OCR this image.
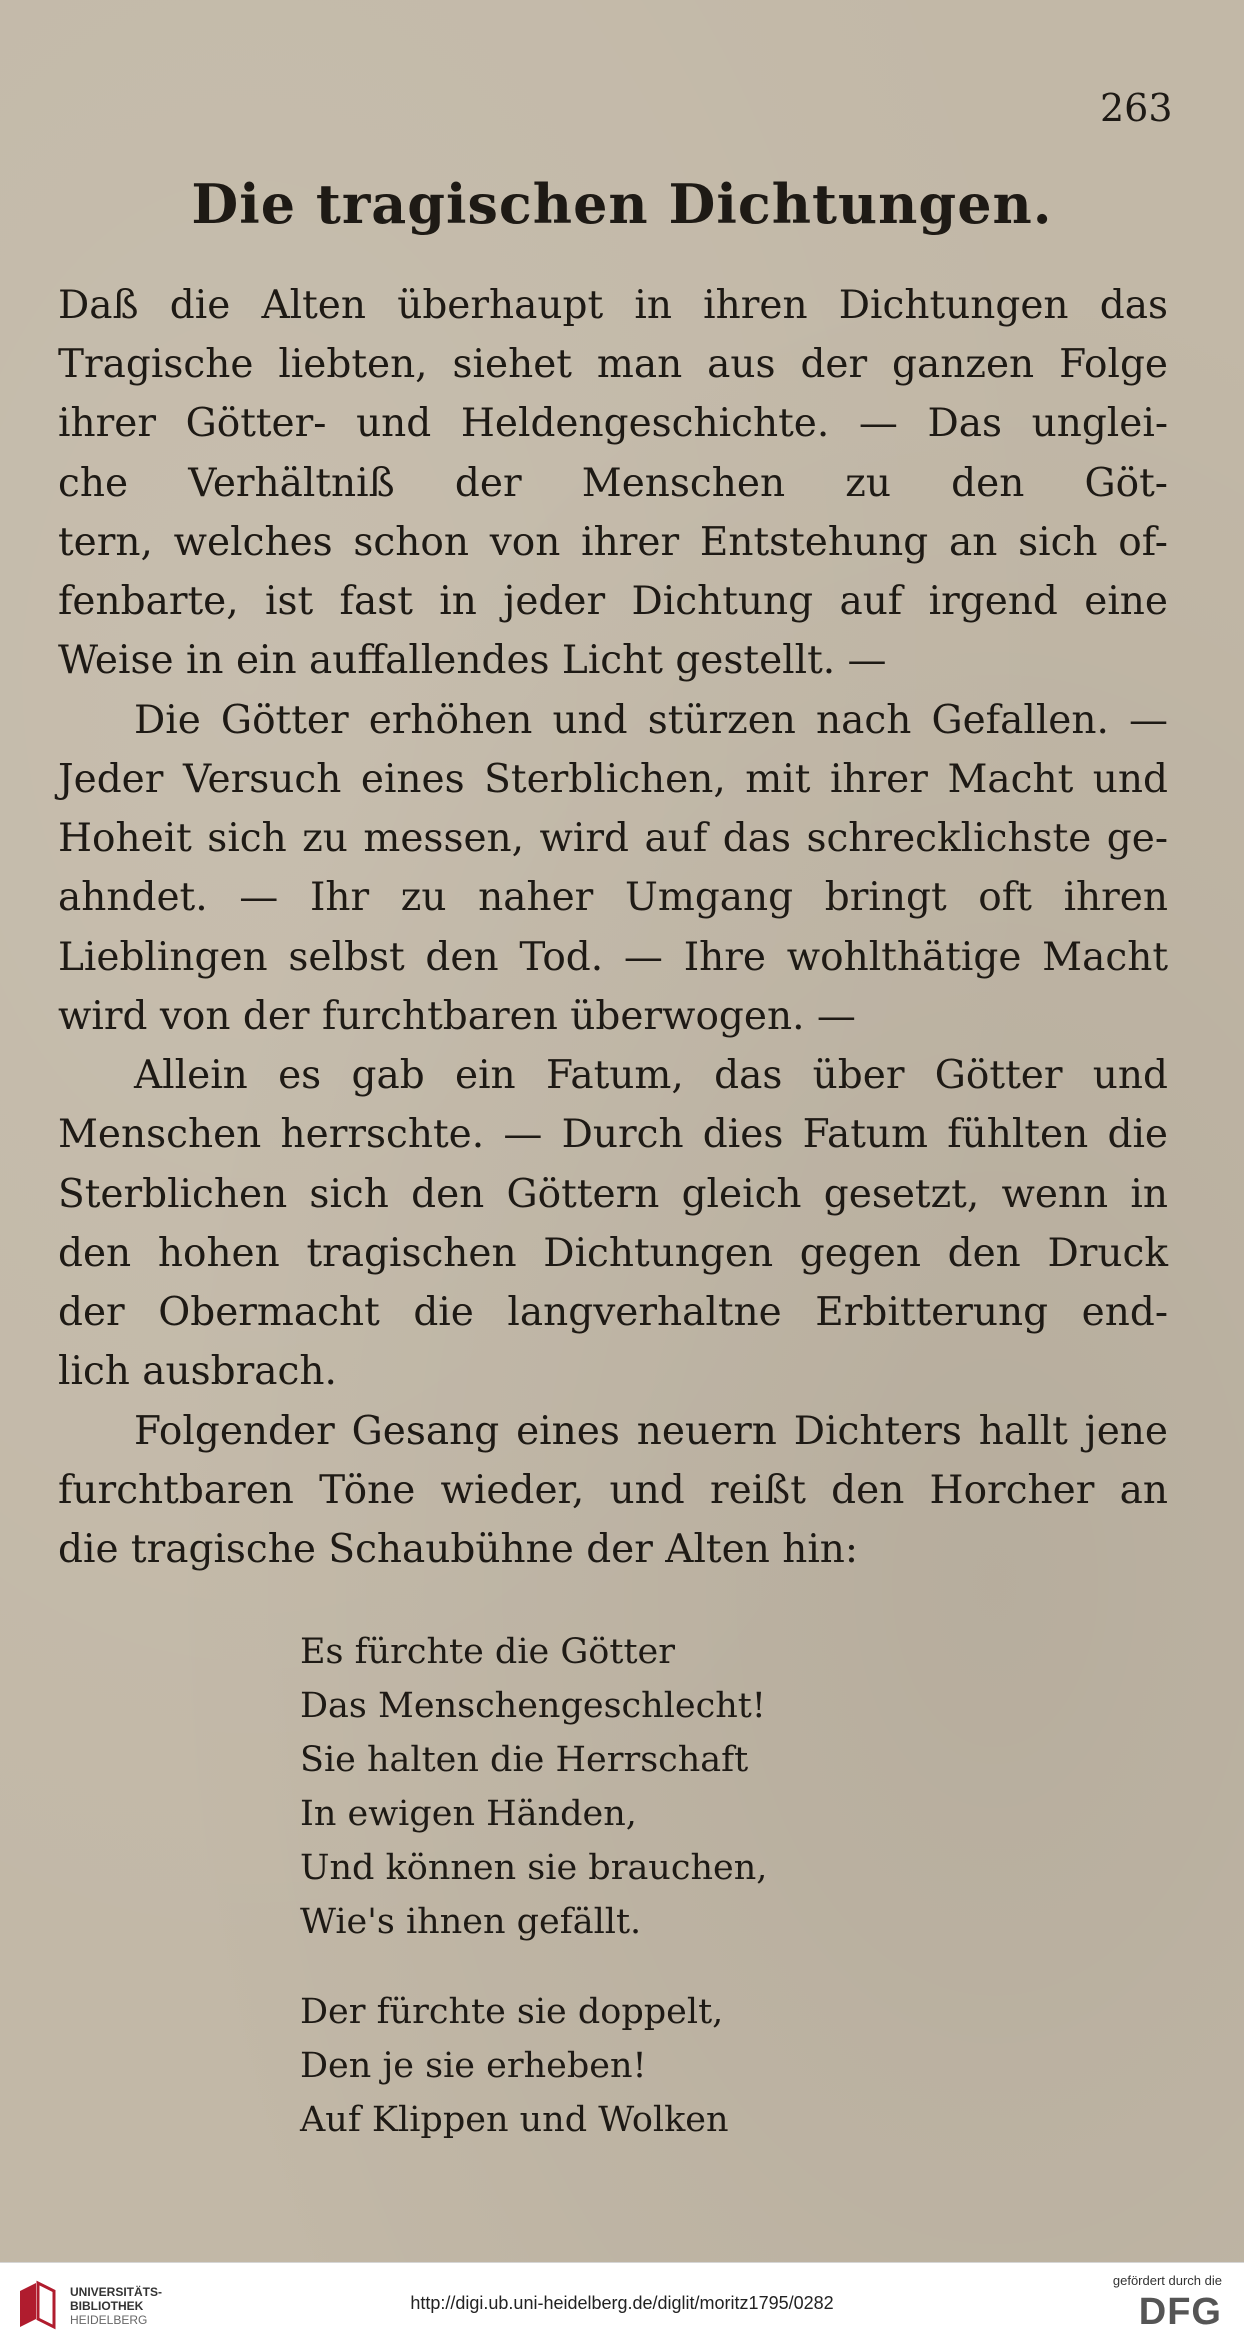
263
Die tragischen Dichtungen.
Daß die Alten überhaupt in ihren Dichtungen das
Tragische liebten, siehet man aus der ganzen Folge
ihrer Götter- und Heldengeschichte. — Das unglei-
che Verhältniß der Menschen zu den Göt-
tern, welches schon von ihrer Entstehung an sich of-
fenbarte, ist fast in jeder Dichtung auf irgend eine
Weise in ein auffallendes Licht gestellt. —
Die Götter erhöhen und stürzen nach Gefallen. —
Jeder Versuch eines Sterblichen, mit ihrer Macht und
Hoheit sich zu messen, wird auf das schrecklichste ge-
ahndet. — Ihr zu naher Umgang bringt oft ihren
Lieblingen selbst den Tod. — Ihre wohlthätige Macht
wird von der furchtbaren überwogen. —
Allein es gab ein Fatum, das über Götter und
Menschen herrschte. — Durch dies Fatum fühlten die
Sterblichen sich den Göttern gleich gesetzt, wenn in
den hohen tragischen Dichtungen gegen den Druck
der Obermacht die langverhaltne Erbitterung end-
lich ausbrach.
Folgender Gesang eines neuern Dichters hallt jene
furchtbaren Töne wieder, und reißt den Horcher an
die tragische Schaubühne der Alten hin:
Es fürchte die Götter
Das Menschengeschlecht!
Sie halten die Herrschaft
In ewigen Händen,
Und können sie brauchen,
Wie's ihnen gefällt.
Der fürchte sie doppelt,
Den je sie erheben!
Auf Klippen und Wolken
UNIVERSITÄTS-
BIBLIOTHEK
HEIDELBERG
http://digi.ub.uni-heidelberg.de/diglit/moritz1795/0282
gefördert durch die
DFG
